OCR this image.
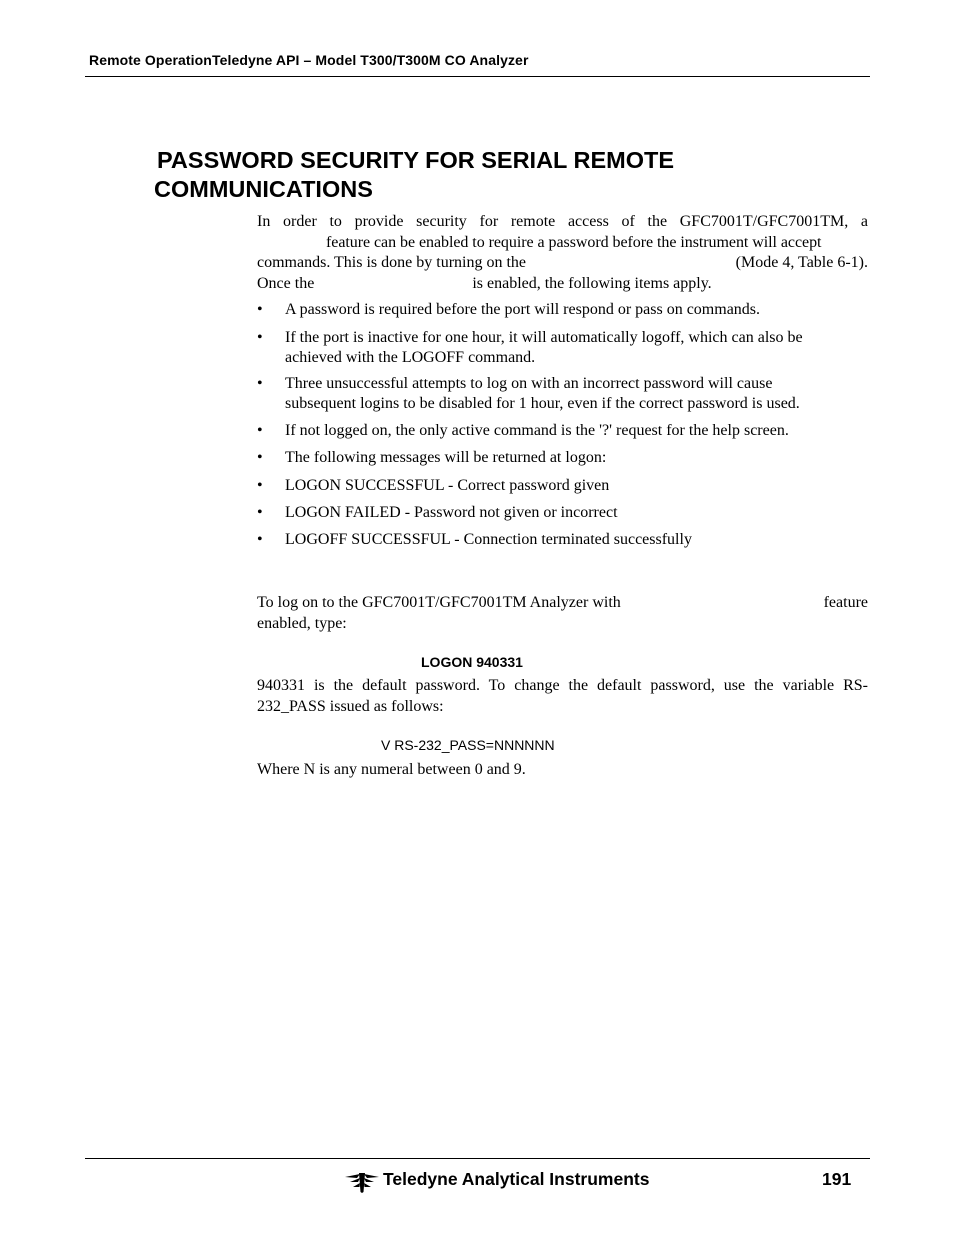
Remote OperationTeledyne API – Model T300/T300M CO Analyzer
PASSWORD SECURITY FOR SERIAL REMOTE
COMMUNICATIONS
In order to provide security for remote access of the GFC7001T/GFC7001TM, a
feature can be enabled to require a password before the instrument will accept
commands. This is done by turning on the	(Mode 4, Table 6-1).
Once the	is enabled, the following items apply.
•	A password is required before the port will respond or pass on commands.
•	If the port is inactive for one hour, it will automatically logoff, which can also be
achieved with the LOGOFF command.
•	Three unsuccessful attempts to log on with an incorrect password will cause
subsequent logins to be disabled for 1 hour, even if the correct password is used.
•	If not logged on, the only active command is the '?' request for the help screen.
•	The following messages will be returned at logon:
•	LOGON SUCCESSFUL - Correct password given
•	LOGON FAILED - Password not given or incorrect
•	LOGOFF SUCCESSFUL - Connection terminated successfully
To log on to the GFC7001T/GFC7001TM Analyzer with	feature
enabled, type:
LOGON 940331
940331 is the default password. To change the default password, use the variable RS-
232_PASS issued as follows:
V RS-232_PASS=NNNNNN
Where N is any numeral between 0 and 9.
Teledyne Analytical Instruments	191
